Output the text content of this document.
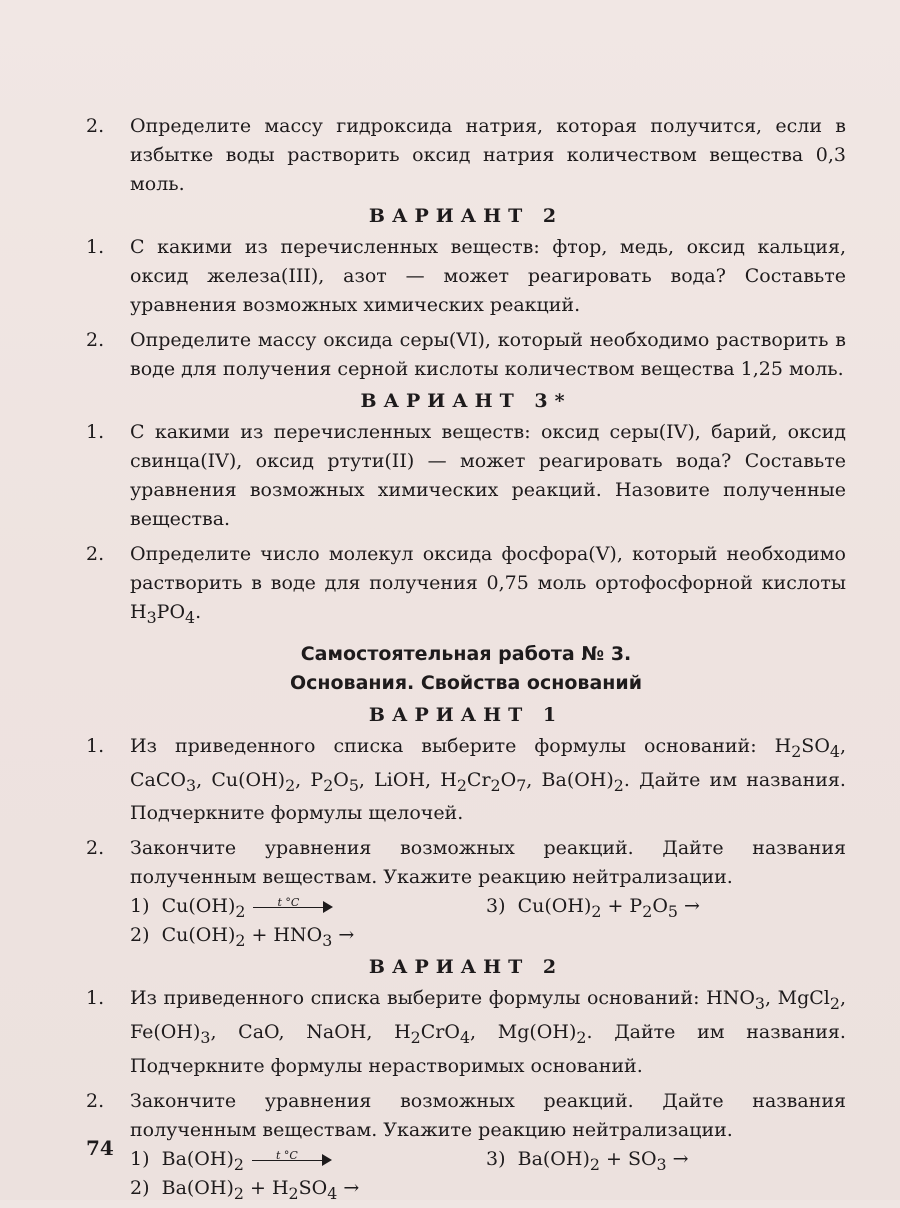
2.	Определите массу гидроксида натрия, которая получится, если в избытке воды растворить оксид натрия количеством вещества 0,3 моль.
ВАРИАНТ 2
1.	С какими из перечисленных веществ: фтор, медь, оксид кальция, оксид железа(III), азот — может реагировать вода? Составьте уравнения возможных химических реакций.
2.	Определите массу оксида серы(VI), который необходимо растворить в воде для получения серной кислоты количеством вещества 1,25 моль.
ВАРИАНТ 3*
1.	С какими из перечисленных веществ: оксид серы(IV), барий, оксид свинца(IV), оксид ртути(II) — может реагировать вода? Составьте уравнения возможных химических реакций. Назовите полученные вещества.
2.	Определите число молекул оксида фосфора(V), который необходимо растворить в воде для получения 0,75 моль ортофосфорной кислоты $H_3PO_4$.
Самостоятельная работа № 3.
Основания. Свойства оснований
ВАРИАНТ 1
1.	Из приведенного списка выберите формулы оснований: $H_2SO_4$, CaCO$_3$, $Cu(OH)_2$, $P_2O_5$, LiOH, $H_2Cr_2O_7$, $Ba(OH)_2$. Дайте им названия. Подчеркните формулы щелочей.
2.	Закончите уравнения возможных реакций. Дайте названия полученным веществам. Укажите реакцию нейтрализации.
1) $Cu(OH)_2$	t °C	3) $Cu(OH)_2 + P_2O_5$ →
2) $Cu(OH)_2 + HNO_3$ →
ВАРИАНТ 2
1.	Из приведенного списка выберите формулы оснований: $HNO_3$, MgCl$_2$, $Fe(OH)_3$, CaO, NaOH, $H_2CrO_4$, $Mg(OH)_2$. Дайте им названия. Подчеркните формулы нерастворимых оснований.
2.	Закончите уравнения возможных реакций. Дайте названия полученным веществам. Укажите реакцию нейтрализации.
1) $Ba(OH)_2$	t °C	3) $Ba(OH)_2 + SO_3$ →
2) $Ba(OH)_2 + H_2SO_4$ →
74
